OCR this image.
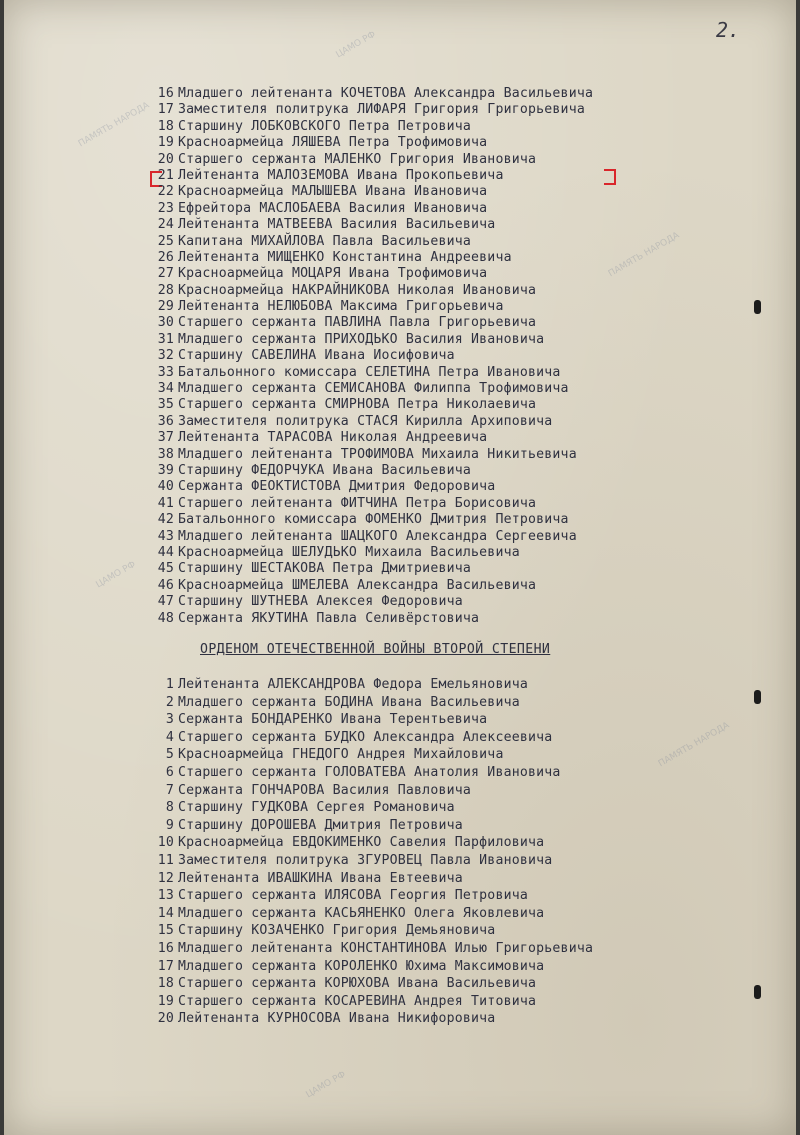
2.
ЦАМО РФ
ПАМЯТЬ НАРОДА
ПАМЯТЬ НАРОДА
ЦАМО РФ
ПАМЯТЬ НАРОДА
ЦАМО РФ
16 Младшего лейтенанта КОЧЕТОВА Александра Васильевича
17 Заместителя политрука ЛИФАРЯ Григория Григорьевича
18 Старшину ЛОБКОВСКОГО Петра Петровича
19 Красноармейца ЛЯШЕВА Петра Трофимовича
20 Старшего сержанта МАЛЕНКО Григория Ивановича
21 Лейтенанта МАЛОЗЕМОВА Ивана Прокопьевича
22 Красноармейца МАЛЫШЕВА Ивана Ивановича
23 Ефрейтора МАСЛОБАЕВА Василия Ивановича
24 Лейтенанта МАТВЕЕВА Василия Васильевича
25 Капитана МИХАЙЛОВА Павла Васильевича
26 Лейтенанта МИЩЕНКО Константина Андреевича
27 Красноармейца МОЦАРЯ Ивана Трофимовича
28 Красноармейца НАКРАЙНИКОВА Николая Ивановича
29 Лейтенанта НЕЛЮБОВА Максима Григорьевича
30 Старшего сержанта ПАВЛИНА Павла Григорьевича
31 Младшего сержанта ПРИХОДЬКО Василия Ивановича
32 Старшину САВЕЛИНА Ивана Иосифовича
33 Батальонного комиссара СЕЛЕТИНА Петра Ивановича
34 Младшего сержанта СЕМИСАНОВА Филиппа Трофимовича
35 Старшего сержанта СМИРНОВА Петра Николаевича
36 Заместителя политрука СТАСЯ Кирилла Архиповича
37 Лейтенанта ТАРАСОВА Николая Андреевича
38 Младшего лейтенанта ТРОФИМОВА Михаила Никитьевича
39 Старшину ФЕДОРЧУКА Ивана Васильевича
40 Сержанта ФЕОКТИСТОВА Дмитрия Федоровича
41 Старшего лейтенанта ФИТЧИНА Петра Борисовича
42 Батальонного комиссара ФОМЕНКО Дмитрия Петровича
43 Младшего лейтенанта ШАЦКОГО Александра Сергеевича
44 Красноармейца ШЕЛУДЬКО Михаила Васильевича
45 Старшину ШЕСТАКОВА Петра Дмитриевича
46 Красноармейца ШМЕЛЕВА Александра Васильевича
47 Старшину ШУТНЕВА Алексея Федоровича
48 Сержанта ЯКУТИНА Павла Селивёрстовича
ОРДЕНОМ ОТЕЧЕСТВЕННОЙ ВОЙНЫ ВТОРОЙ СТЕПЕНИ
1 Лейтенанта АЛЕКСАНДРОВА Федора Емельяновича
2 Младшего сержанта БОДИНА Ивана Васильевича
3 Сержанта БОНДАРЕНКО Ивана Терентьевича
4 Старшего сержанта БУДКО Александра Алексеевича
5 Красноармейца ГНЕДОГО Андрея Михайловича
6 Старшего сержанта ГОЛОВАТЕВА Анатолия Ивановича
7 Сержанта ГОНЧАРОВА Василия Павловича
8 Старшину ГУДКОВА Сергея Романовича
9 Старшину ДОРОШЕВА Дмитрия Петровича
10 Красноармейца ЕВДОКИМЕНКО Савелия Парфиловича
11 Заместителя политрука ЗГУРОВЕЦ Павла Ивановича
12 Лейтенанта ИВАШКИНА Ивана Евтеевича
13 Старшего сержанта ИЛЯСОВА Георгия Петровича
14 Младшего сержанта КАСЬЯНЕНКО Олега Яковлевича
15 Старшину КОЗАЧЕНКО Григория Демьяновича
16 Младшего лейтенанта КОНСТАНТИНОВА Илью Григорьевича
17 Младшего сержанта КОРОЛЕНКО Юхима Максимовича
18 Старшего сержанта КОРЮХОВА Ивана Васильевича
19 Старшего сержанта КОСАРЕВИНА Андрея Титовича
20 Лейтенанта КУРНОСОВА Ивана Никифоровича
